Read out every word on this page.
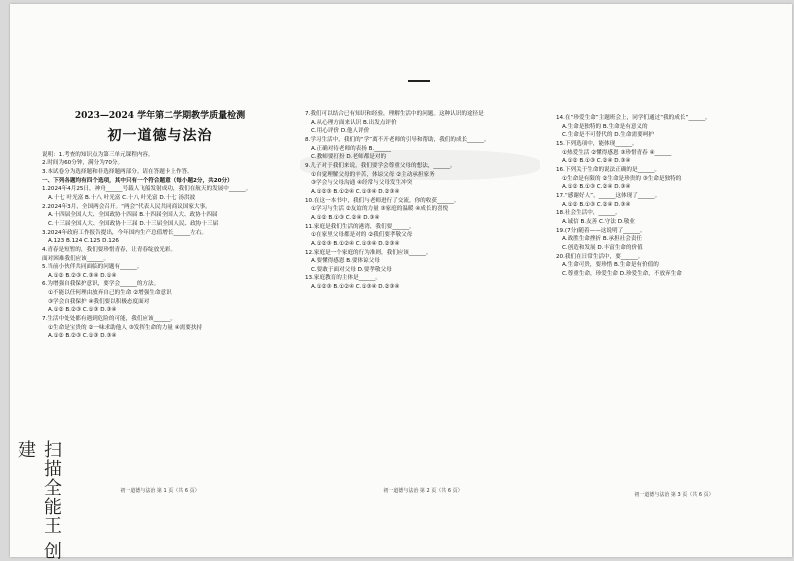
扫描全能王 创建
2023—2024 学年第二学期教学质量检测
初一道德与法治
说明：1.考查的知识点为第三单元课程内容。
2.时间为60分钟，满分为70分。
3.本试卷分为选择题和非选择题两部分。请在答题卡上作答。
一、下列各题均有四个选项，其中只有一个符合题意（每小题2分，共20分）
1.2024年4月25日，神舟______号载人飞船发射成功，我们在航天的发展中______。
A.十七 叶光富 B.十八 叶光富 C.十八 叶光富 D.十七 汤洪波
2.2024年3月，全国两会召开。“两会”代表人民共同商议国家大事。
A.十四届全国人大、全国政协十四届 B.十四届全国人大、政协十四届
C.十三届全国人大、全国政协十三届 D.十三届全国人民、政协十三届
3.2024年政府工作报告提出，今年国内生产总值增长______左右。
A.123 B.124 C.125 D.126
4.青春是短暂的，我们要珍惜青春，让青春绽放光彩。
面对困难我们应该______。
5.当前小伙伴共同面临的问题有______。
A.①② B.②③ C.③④ D.①④
6.为增强自我保护意识，要学会______的方法。
①不能以任何理由放弃自己的生命 ②增强生命意识
③学会自我保护 ④我们要以积极态度面对
A.①② B.②③ C.①③ D.③④
7.生活中处处都有遇到危险的可能，我们应该______。
①生命是宝贵的 ②一味求助他人 ③发挥生命的力量 ④需要扶持
A.①② B.②③ C.①③ D.③④
初一道德与法治 第 1 页（共 6 页）
7.我们可以结合已有知识和经验，理解生活中的问题。这种认识的途径是
A.从心理方面来认识 B.出发点评价
C.用心评价 D.他人评价
8.学习生活中，我们的“学”离不开老师的引导和帮助，我们的成长______。
A.正确对待老师的表扬 B.______
C.教师要打扮 D.老师都是对的
9.儿子对于我们来说，我们要学会尊重父母的想法，______。
①自觉理解父母的辛苦，体谅父母 ②主动承担家务
③学会与父母沟通 ④经常与父母发生冲突
A.①②③ B.①②④ C.①③④ D.②③④
10.在这一本书中，我们与老师进行了交流，你的收获______。
①学习与生活 ②友谊的力量 ③家庭的温暖 ④成长的喜悦
A.①② B.①③ C.②④ D.③④
11.家庭是我们生活的港湾，我们要______。
①在家里父母都是对的 ②我们要孝敬父母
A.①②③ B.①②④ C.①③④ D.②③④
12.家庭是一个家庭的行为准则，我们应该______。
A.要懂得感恩 B.要体谅父母
C.要敢于面对父母 D.要孝敬父母
13.家庭教育的主体是______。
A.①②③ B.①②④ C.①③④ D.②③④
初一道德与法治 第 2 页（共 6 页）
14.在“珍爱生命”主题班会上，同学们通过“我的成长”______。
A.生命是独特的 B.生命是有意义的
C.生命是不可替代的 D.生命需要呵护
15.下列选项中，能体现______。
①热爱生活 ②懂得感恩 ③珍惜青春 ④______
A.①② B.①③ C.②④ D.③④
16.下列关于生命的说法正确的是______。
①生命是有限的 ②生命是珍贵的 ③生命是独特的
A.①② B.①③ C.②④ D.③④
17.“感谢好人”，______这体现了______。
A.①② B.①③ C.②④ D.③④
18.社会生活中，______。
A.诚信 B.友善 C.守法 D.敬业
19.(7分)随着——这说明了______。
A.战胜生命挫折 B.承担社会责任
C.创造和发展 D.丰富生命的价值
20.我们在日常生活中，要______。
A.生命可贵，要珍惜 B.生命是有价值的
C.尊重生命，珍爱生命 D.珍爱生命，不放弃生命
初一道德与法治 第 3 页（共 6 页）
